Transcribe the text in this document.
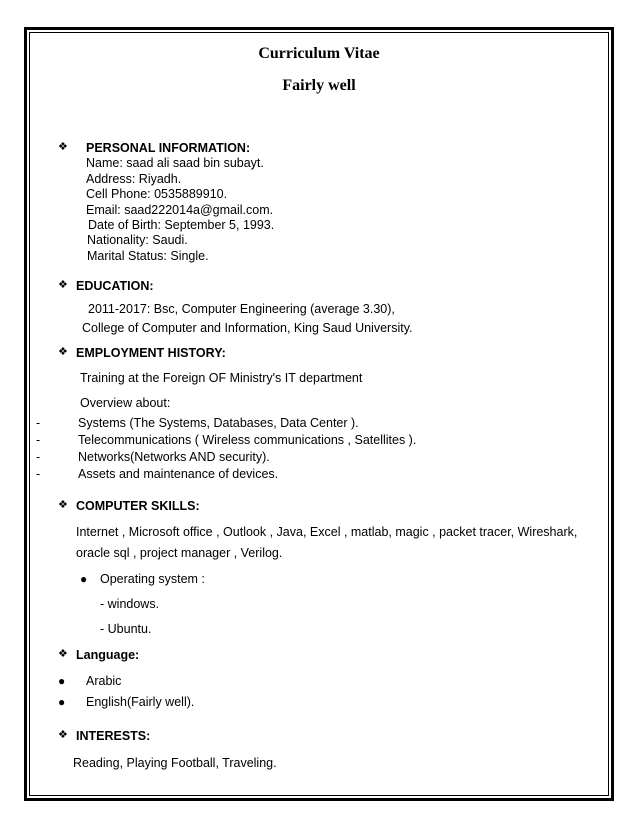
Curriculum Vitae
Fairly well
❖ PERSONAL INFORMATION:
Name: saad ali saad bin subayt.
Address: Riyadh.
Cell Phone: 0535889910.
Email: saad222014a@gmail.com.
Date of Birth: September 5, 1993.
Nationality: Saudi.
Marital Status: Single.
❖ EDUCATION:
2011-2017: Bsc, Computer Engineering (average 3.30),
College of Computer and Information, King Saud University.
❖ EMPLOYMENT HISTORY:
Training at the Foreign OF Ministry's IT department
Overview about:
-	Systems (The Systems, Databases, Data Center ).
-	Telecommunications ( Wireless communications , Satellites ).
-	Networks(Networks AND security).
-	Assets and maintenance of devices.
❖ COMPUTER SKILLS:
Internet , Microsoft office , Outlook , Java, Excel , matlab, magic , packet tracer, Wireshark,
oracle sql , project manager , Verilog.
● Operating system :
- windows.
- Ubuntu.
❖ Language:
● Arabic
● English(Fairly well).
❖ INTERESTS:
Reading, Playing Football, Traveling.
